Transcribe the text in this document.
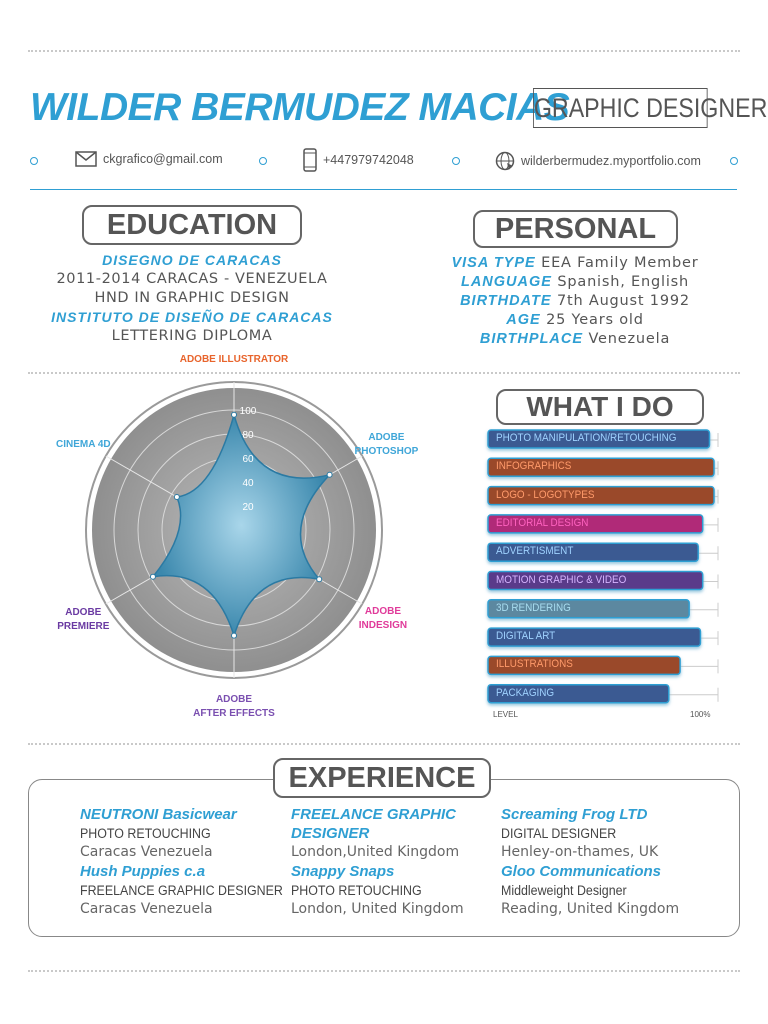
WILDER BERMUDEZ MACIAS
GRAPHIC DESIGNER
ckgrafico@gmail.com	+447979742048	wilderbermudez.myportfolio.com
EDUCATION
DISEGNO DE CARACAS
2011-2014 CARACAS - VENEZUELA
HND IN GRAPHIC DESIGN
INSTITUTO DE DISEÑO DE CARACAS
LETTERING DIPLOMA
PERSONAL
VISA TYPE EEA Family Member
LANGUAGE Spanish, English
BIRTHDATE 7th August 1992
AGE 25 Years old
BIRTHPLACE Venezuela
20
40
60
80
100
ADOBE ILLUSTRATOR
ADOBE PHOTOSHOP
ADOBE INDESIGN
ADOBE AFTER EFFECTS
ADOBE PREMIERE
CINEMA 4D
WHAT I DO
LEVEL	100%
PHOTO MANIPULATION/RETOUCHING
INFOGRAPHICS
LOGO - LOGOTYPES
EDITORIAL DESIGN
ADVERTISMENT
MOTION GRAPHIC & VIDEO
3D RENDERING
DIGITAL ART
ILLUSTRATIONS
PACKAGING
EXPERIENCE
NEUTRONI Basicwear
PHOTO RETOUCHING
Caracas Venezuela
Hush Puppies c.a
FREELANCE GRAPHIC DESIGNER
Caracas Venezuela
FREELANCE GRAPHIC DESIGNER
London,United Kingdom
Snappy Snaps
PHOTO RETOUCHING
London, United Kingdom
Screaming Frog LTD
DIGITAL DESIGNER
Henley-on-thames, UK
Gloo Communications
Middleweight Designer
Reading, United Kingdom
